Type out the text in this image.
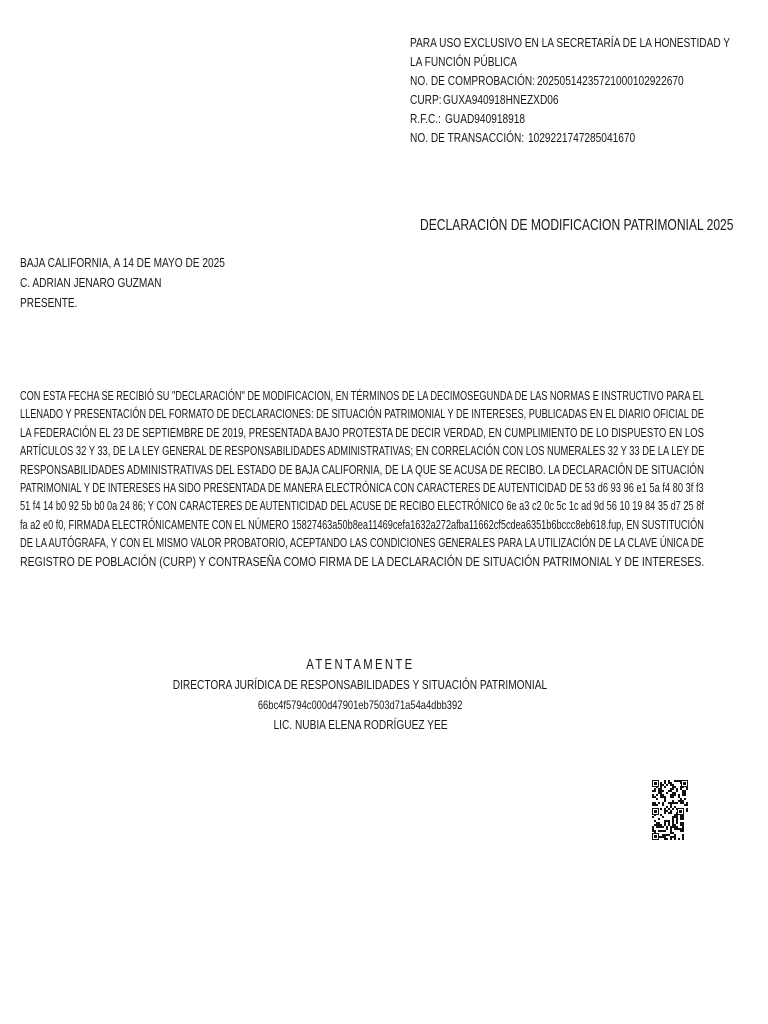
PARA USO EXCLUSIVO EN LA SECRETARÍA DE LA HONESTIDAD Y
LA FUNCIÓN PÚBLICA
NO. DE COMPROBACIÓN: 20250514235721000102922670
CURP: GUXA940918HNEZXD06
R.F.C.: GUAD940918918
NO. DE TRANSACCIÓN: 1029221747285041670
DECLARACIÓN DE MODIFICACION PATRIMONIAL 2025
BAJA CALIFORNIA, A 14 DE MAYO DE 2025
C. ADRIAN JENARO GUZMAN
PRESENTE.
CON ESTA FECHA SE RECIBIÓ SU "DECLARACIÓN" DE MODIFICACION, EN TÉRMINOS DE LA DECIMOSEGUNDA DE LAS NORMAS E INSTRUCTIVO PARA EL
LLENADO Y PRESENTACIÓN DEL FORMATO DE DECLARACIONES: DE SITUACIÓN PATRIMONIAL Y DE INTERESES, PUBLICADAS EN EL DIARIO OFICIAL DE
LA FEDERACIÓN EL 23 DE SEPTIEMBRE DE 2019, PRESENTADA BAJO PROTESTA DE DECIR VERDAD, EN CUMPLIMIENTO DE LO DISPUESTO EN LOS
ARTÍCULOS 32 Y 33, DE LA LEY GENERAL DE RESPONSABILIDADES ADMINISTRATIVAS; EN CORRELACIÓN CON LOS NUMERALES 32 Y 33 DE LA LEY DE
RESPONSABILIDADES ADMINISTRATIVAS DEL ESTADO DE BAJA CALIFORNIA, DE LA QUE SE ACUSA DE RECIBO. LA DECLARACIÓN DE SITUACIÓN
PATRIMONIAL Y DE INTERESES HA SIDO PRESENTADA DE MANERA ELECTRÓNICA CON CARACTERES DE AUTENTICIDAD DE 53 d6 93 96 e1 5a f4 80 3f f3
51 f4 14 b0 92 5b b0 0a 24 86; Y CON CARACTERES DE AUTENTICIDAD DEL ACUSE DE RECIBO ELECTRÓNICO 6e a3 c2 0c 5c 1c ad 9d 56 10 19 84 35 d7 25 8f
fa a2 e0 f0, FIRMADA ELECTRÓNICAMENTE CON EL NÚMERO 15827463a50b8ea11469cefa1632a272afba11662cf5cdea6351b6bccc8eb618.fup, EN SUSTITUCIÓN
DE LA AUTÓGRAFA, Y CON EL MISMO VALOR PROBATORIO, ACEPTANDO LAS CONDICIONES GENERALES PARA LA UTILIZACIÓN DE LA CLAVE ÚNICA DE
REGISTRO DE POBLACIÓN (CURP) Y CONTRASEÑA COMO FIRMA DE LA DECLARACIÓN DE SITUACIÓN PATRIMONIAL Y DE INTERESES.
ATENTAMENTE
DIRECTORA JURÍDICA DE RESPONSABILIDADES Y SITUACIÓN PATRIMONIAL
66bc4f5794c000d47901eb7503d71a54a4dbb392
LIC. NUBIA ELENA RODRÍGUEZ YEE
